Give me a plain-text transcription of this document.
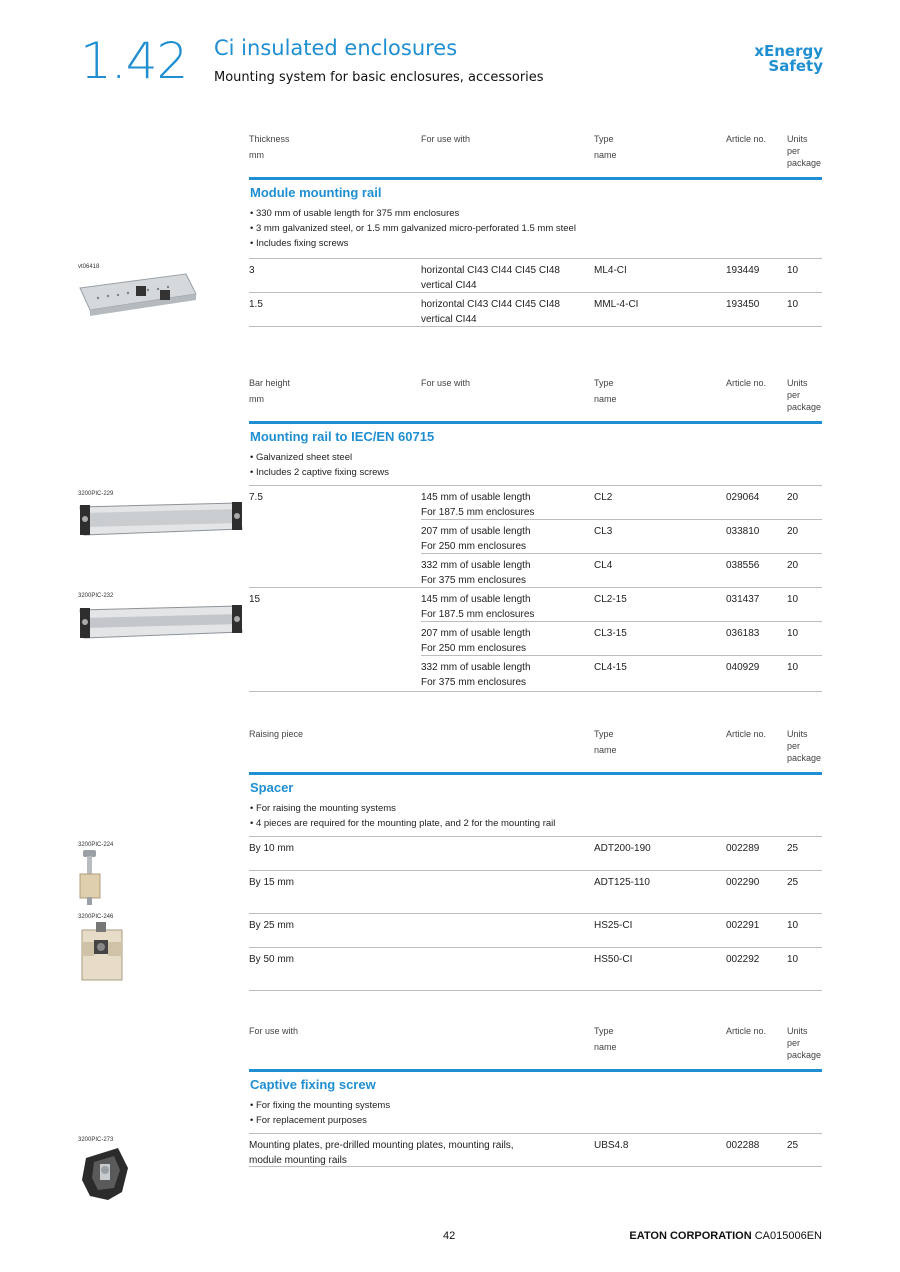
1.42 Ci insulated enclosures
Mounting system for basic enclosures, accessories
xEnergy
Safety
Thickness
mm
For use with	Type
name
Article no. Units
per
package
Module mounting rail
• 330 mm of usable length for 375 mm enclosures
• 3 mm galvanized steel, or 1.5 mm galvanized micro-perforated 1.5 mm steel
• Includes fixing screws
vt06418	3	horizontal CI43 CI44 CI45 CI48
vertical CI44
ML4-CI	193449	10
1.5	horizontal CI43 CI44 CI45 CI48
vertical CI44
MML-4-CI	193450	10
Bar height
mm
For use with	Type
name
Article no. Units
per
package
Mounting rail to IEC/EN 60715
• Galvanized sheet steel
• Includes 2 captive fixing screws
3200PIC-229
3200PIC-232
7.5	145 mm of usable length
For 187.5 mm enclosures
CL2	029064	20
207 mm of usable length
For 250 mm enclosures
CL3	033810	20
332 mm of usable length
For 375 mm enclosures
CL4	038556	20
15	145 mm of usable length
For 187.5 mm enclosures
CL2-15	031437	10
207 mm of usable length
For 250 mm enclosures
CL3-15	036183	10
332 mm of usable length
For 375 mm enclosures
CL4-15	040929	10
Raising piece	Type
name
Article no. Units
per
package
Spacer
• For raising the mounting systems
• 4 pieces are required for the mounting plate, and 2 for the mounting rail
3200PIC-224
3200PIC-246
By 10 mm	ADT200-190	002289	25
By 15 mm	ADT125-110	002290	25
By 25 mm	HS25-CI	002291	10
By 50 mm	HS50-CI	002292	10
For use with	Type
name
Article no. Units
per
package
Captive fixing screw
• For fixing the mounting systems
• For replacement purposes
3200PIC-273	Mounting plates, pre-drilled mounting plates, mounting rails,
module mounting rails
UBS4.8	002288	25
42	EATON CORPORATION CA015006EN
